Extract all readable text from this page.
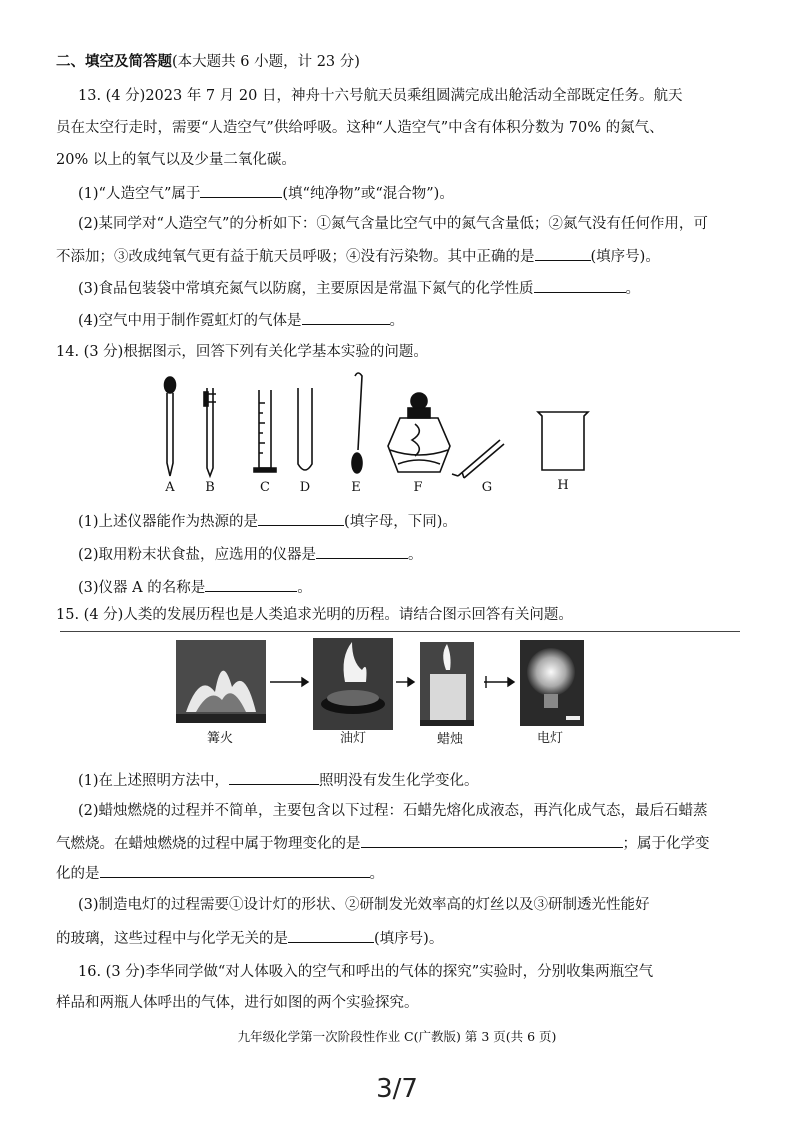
二、填空及简答题(本大题共 6 小题，计 23 分)
13. (4 分)2023 年 7 月 20 日，神舟十六号航天员乘组圆满完成出舱活动全部既定任务。航天
员在太空行走时，需要“人造空气”供给呼吸。这种“人造空气”中含有体积分数为 70% 的氮气、
20% 以上的氧气以及少量二氧化碳。
(1)“人造空气”属于	(填“纯净物”或“混合物”)。
(2)某同学对“人造空气”的分析如下：①氮气含量比空气中的氮气含量低；②氮气没有任何作用，可
不添加；③改成纯氧气更有益于航天员呼吸；④没有污染物。其中正确的是	(填序号)。
(3)食品包装袋中常填充氮气以防腐，主要原因是常温下氮气的化学性质	。
(4)空气中用于制作霓虹灯的气体是	。
14. (3 分)根据图示，回答下列有关化学基本实验的问题。
A	B	C	D	E	F	G	H
(1)上述仪器能作为热源的是	(填字母，下同)。
(2)取用粉末状食盐，应选用的仪器是	。
(3)仪器 A 的名称是	。
15. (4 分)人类的发展历程也是人类追求光明的历程。请结合图示回答有关问题。
篝火	油灯	蜡烛	电灯
(1)在上述照明方法中，	照明没有发生化学变化。
(2)蜡烛燃烧的过程并不简单，主要包含以下过程：石蜡先熔化成液态，再汽化成气态，最后石蜡蒸
气燃烧。在蜡烛燃烧的过程中属于物理变化的是	；属于化学变
化的是	。
(3)制造电灯的过程需要①设计灯的形状、②研制发光效率高的灯丝以及③研制透光性能好
的玻璃，这些过程中与化学无关的是	(填序号)。
16. (3 分)李华同学做“对人体吸入的空气和呼出的气体的探究”实验时，分别收集两瓶空气
样品和两瓶人体呼出的气体，进行如图的两个实验探究。
九年级化学第一次阶段性作业 C(广教版) 第 3 页(共 6 页)
3/7
